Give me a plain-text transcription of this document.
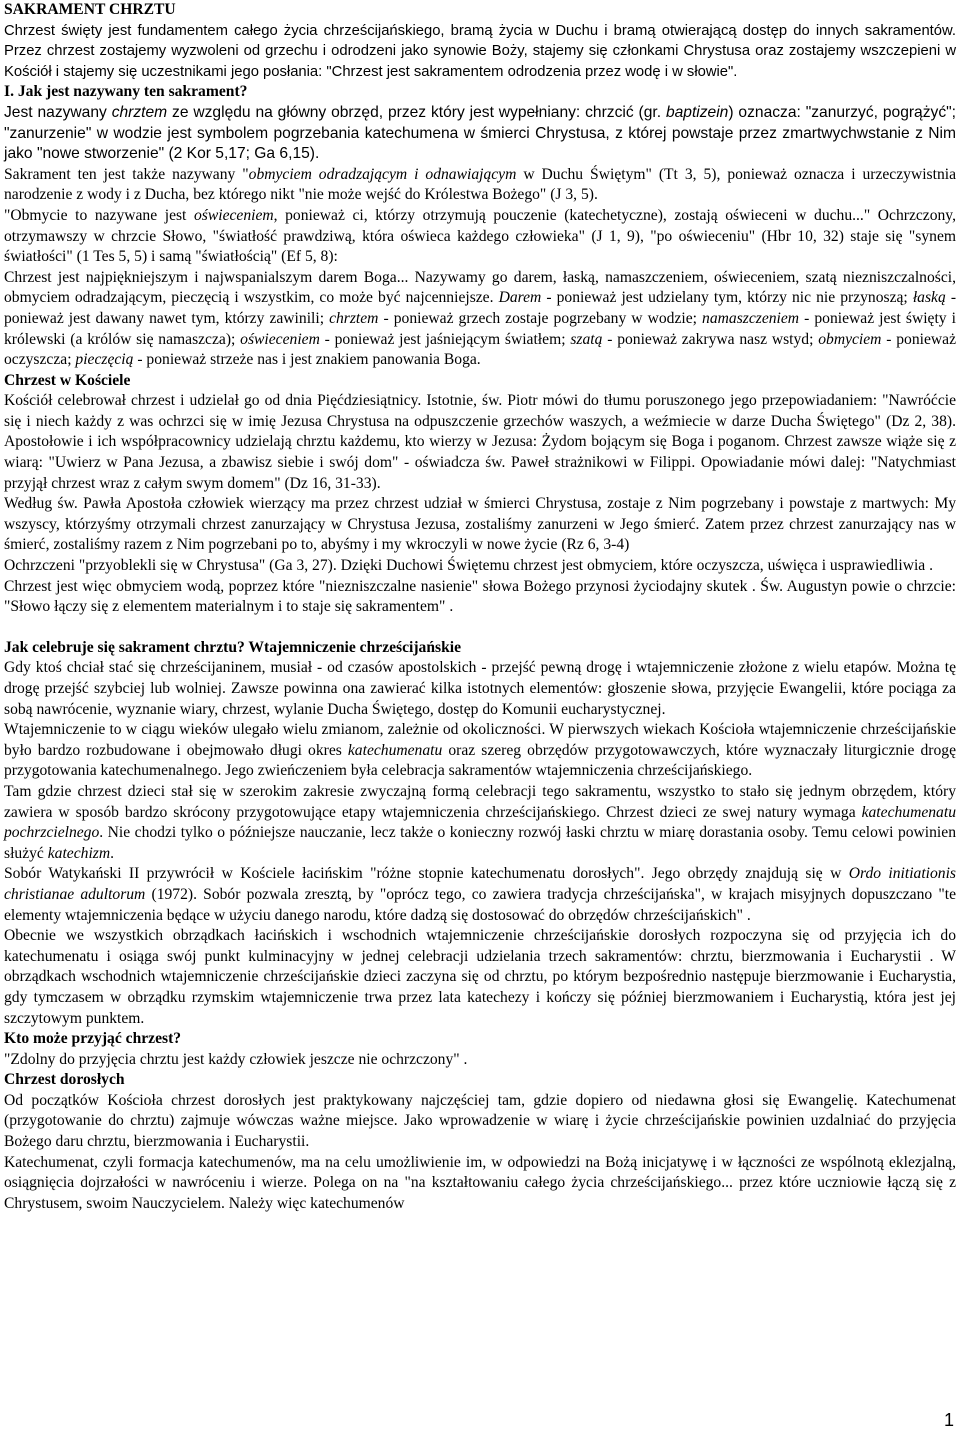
SAKRAMENT CHRZTU

Chrzest święty jest fundamentem całego życia chrześcijańskiego, bramą życia w Duchu i bramą otwierającą dostęp do innych sakramentów. Przez chrzest zostajemy wyzwoleni od grzechu i odrodzeni jako synowie Boży, stajemy się członkami Chrystusa oraz zostajemy wszczepieni w Kościół i stajemy się uczestnikami jego posłania: "Chrzest jest sakramentem odrodzenia przez wodę i w słowie".

I. Jak jest nazywany ten sakrament?

Jest nazywany chrztem ze względu na główny obrzęd, przez który jest wypełniany: chrzcić (gr. baptizein) oznacza: "zanurzyć, pogrążyć"; "zanurzenie" w wodzie jest symbolem pogrzebania katechumena w śmierci Chrystusa, z której powstaje przez zmartwychwstanie z Nim jako "nowe stworzenie" (2 Kor 5,17; Ga 6,15).

Sakrament ten jest także nazywany "obmyciem odradzającym i odnawiającym w Duchu Świętym" (Tt 3, 5), ponieważ oznacza i urzeczywistnia narodzenie z wody i z Ducha, bez którego nikt "nie może wejść do Królestwa Bożego" (J 3, 5).

"Obmycie to nazywane jest oświeceniem, ponieważ ci, którzy otrzymują pouczenie (katechetyczne), zostają oświeceni w duchu..." Ochrzczony, otrzymawszy w chrzcie Słowo, "światłość prawdziwą, która oświeca każdego człowieka" (J 1, 9), "po oświeceniu" (Hbr 10, 32) staje się "synem światłości" (1 Tes 5, 5) i samą "światłością" (Ef 5, 8):

Chrzest jest najpiękniejszym i najwspanialszym darem Boga... Nazywamy go darem, łaską, namaszczeniem, oświeceniem, szatą niezniszczalności, obmyciem odradzającym, pieczęcią i wszystkim, co może być najcenniejsze. Darem - ponieważ jest udzielany tym, którzy nic nie przynoszą; łaską - ponieważ jest dawany nawet tym, którzy zawinili; chrztem - ponieważ grzech zostaje pogrzebany w wodzie; namaszczeniem - ponieważ jest święty i królewski (a królów się namaszcza); oświeceniem - ponieważ jest jaśniejącym światłem; szatą - ponieważ zakrywa nasz wstyd; obmyciem - ponieważ oczyszcza; pieczęcią - ponieważ strzeże nas i jest znakiem panowania Boga.

Chrzest w Kościele

Kościół celebrował chrzest i udzielał go od dnia Pięćdziesiątnicy. Istotnie, św. Piotr mówi do tłumu poruszonego jego przepowiadaniem: "Nawróćcie się i niech każdy z was ochrzci się w imię Jezusa Chrystusa na odpuszczenie grzechów waszych, a weźmiecie w darze Ducha Świętego" (Dz 2, 38). Apostołowie i ich współpracownicy udzielają chrztu każdemu, kto wierzy w Jezusa: Żydom bojącym się Boga i poganom. Chrzest zawsze wiąże się z wiarą: "Uwierz w Pana Jezusa, a zbawisz siebie i swój dom" - oświadcza św. Paweł strażnikowi w Filippi. Opowiadanie mówi dalej: "Natychmiast przyjął chrzest wraz z całym swym domem" (Dz 16, 31-33).

Według św. Pawła Apostoła człowiek wierzący ma przez chrzest udział w śmierci Chrystusa, zostaje z Nim pogrzebany i powstaje z martwych: My wszyscy, którzyśmy otrzymali chrzest zanurzający w Chrystusa Jezusa, zostaliśmy zanurzeni w Jego śmierć. Zatem przez chrzest zanurzający nas w śmierć, zostaliśmy razem z Nim pogrzebani po to, abyśmy i my wkroczyli w nowe życie (Rz 6, 3-4)

Ochrzczeni "przyoblekli się w Chrystusa" (Ga 3, 27). Dzięki Duchowi Świętemu chrzest jest obmyciem, które oczyszcza, uświęca i usprawiedliwia .

Chrzest jest więc obmyciem wodą, poprzez które "niezniszczalne nasienie" słowa Bożego przynosi życiodajny skutek . Św. Augustyn powie o chrzcie: "Słowo łączy się z elementem materialnym i to staje się sakramentem" .

Jak celebruje się sakrament chrztu? Wtajemniczenie chrześcijańskie

Gdy ktoś chciał stać się chrześcijaninem, musiał - od czasów apostolskich - przejść pewną drogę i wtajemniczenie złożone z wielu etapów. Można tę drogę przejść szybciej lub wolniej. Zawsze powinna ona zawierać kilka istotnych elementów: głoszenie słowa, przyjęcie Ewangelii, które pociąga za sobą nawrócenie, wyznanie wiary, chrzest, wylanie Ducha Świętego, dostęp do Komunii eucharystycznej.

Wtajemniczenie to w ciągu wieków ulegało wielu zmianom, zależnie od okoliczności. W pierwszych wiekach Kościoła wtajemniczenie chrześcijańskie było bardzo rozbudowane i obejmowało długi okres katechumenatu oraz szereg obrzędów przygotowawczych, które wyznaczały liturgicznie drogę przygotowania katechumenalnego. Jego zwieńczeniem była celebracja sakramentów wtajemniczenia chrześcijańskiego.

Tam gdzie chrzest dzieci stał się w szerokim zakresie zwyczajną formą celebracji tego sakramentu, wszystko to stało się jednym obrzędem, który zawiera w sposób bardzo skrócony przygotowujące etapy wtajemniczenia chrześcijańskiego. Chrzest dzieci ze swej natury wymaga katechumenatu pochrzcielnego. Nie chodzi tylko o późniejsze nauczanie, lecz także o konieczny rozwój łaski chrztu w miarę dorastania osoby. Temu celowi powinien służyć katechizm.

Sobór Watykański II przywrócił w Kościele łacińskim "różne stopnie katechumenatu dorosłych". Jego obrzędy znajdują się w Ordo initiationis christianae adultorum (1972). Sobór pozwala zresztą, by "oprócz tego, co zawiera tradycja chrześcijańska", w krajach misyjnych dopuszczano "te elementy wtajemniczenia będące w użyciu danego narodu, które dadzą się dostosować do obrzędów chrześcijańskich" .

Obecnie we wszystkich obrządkach łacińskich i wschodnich wtajemniczenie chrześcijańskie dorosłych rozpoczyna się od przyjęcia ich do katechumenatu i osiąga swój punkt kulminacyjny w jednej celebracji udzielania trzech sakramentów: chrztu, bierzmowania i Eucharystii . W obrządkach wschodnich wtajemniczenie chrześcijańskie dzieci zaczyna się od chrztu, po którym bezpośrednio następuje bierzmowanie i Eucharystia, gdy tymczasem w obrządku rzymskim wtajemniczenie trwa przez lata katechezy i kończy się później bierzmowaniem i Eucharystią, która jest jej szczytowym punktem.

Kto może przyjąć chrzest?

"Zdolny do przyjęcia chrztu jest każdy człowiek jeszcze nie ochrzczony" .

Chrzest dorosłych

Od początków Kościoła chrzest dorosłych jest praktykowany najczęściej tam, gdzie dopiero od niedawna głosi się Ewangelię. Katechumenat (przygotowanie do chrztu) zajmuje wówczas ważne miejsce. Jako wprowadzenie w wiarę i życie chrześcijańskie powinien uzdalniać do przyjęcia Bożego daru chrztu, bierzmowania i Eucharystii.

Katechumenat, czyli formacja katechumenów, ma na celu umożliwienie im, w odpowiedzi na Bożą inicjatywę i w łączności ze wspólnotą eklezjalną, osiągnięcia dojrzałości w nawróceniu i wierze. Polega on na "na kształtowaniu całego życia chrześcijańskiego... przez które uczniowie łączą się z Chrystusem, swoim Nauczycielem. Należy więc katechumenów

1
